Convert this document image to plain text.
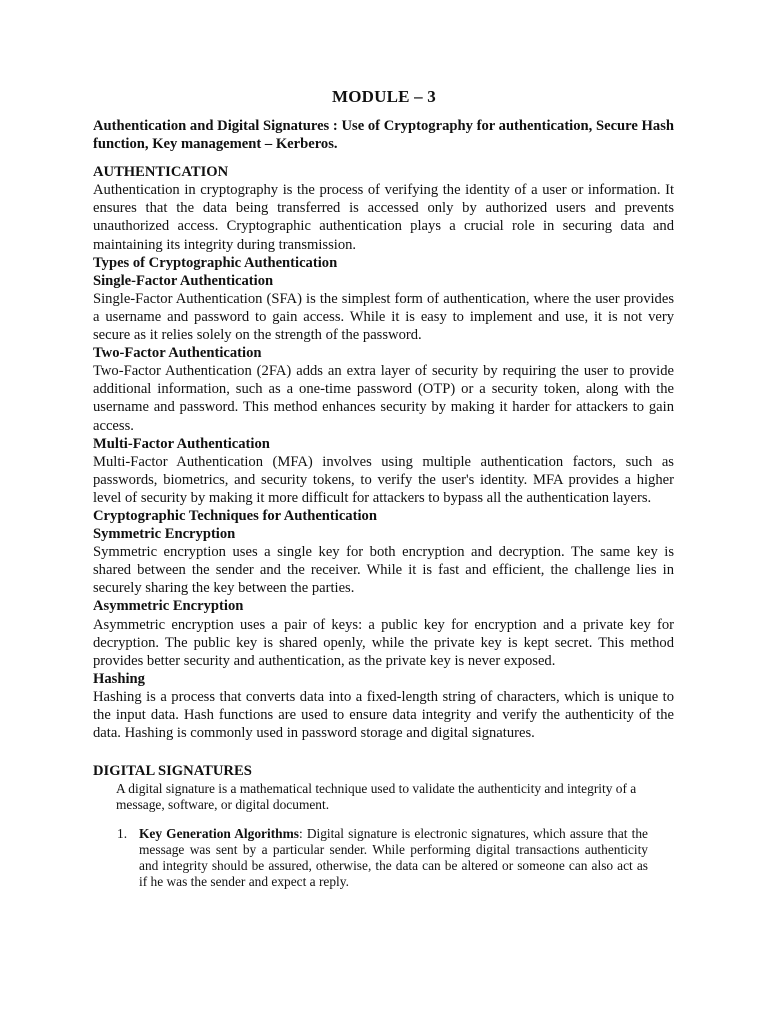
MODULE – 3

Authentication and Digital Signatures : Use of Cryptography for authentication, Secure Hash function, Key management – Kerberos.

AUTHENTICATION

Authentication in cryptography is the process of verifying the identity of a user or information. It ensures that the data being transferred is accessed only by authorized users and prevents unauthorized access. Cryptographic authentication plays a crucial role in securing data and maintaining its integrity during transmission.

Types of Cryptographic Authentication
Single-Factor Authentication

Single-Factor Authentication (SFA) is the simplest form of authentication, where the user provides a username and password to gain access. While it is easy to implement and use, it is not very secure as it relies solely on the strength of the password.

Two-Factor Authentication

Two-Factor Authentication (2FA) adds an extra layer of security by requiring the user to provide additional information, such as a one-time password (OTP) or a security token, along with the username and password. This method enhances security by making it harder for attackers to gain access.

Multi-Factor Authentication

Multi-Factor Authentication (MFA) involves using multiple authentication factors, such as passwords, biometrics, and security tokens, to verify the user's identity. MFA provides a higher level of security by making it more difficult for attackers to bypass all the authentication layers.

Cryptographic Techniques for Authentication
Symmetric Encryption

Symmetric encryption uses a single key for both encryption and decryption. The same key is shared between the sender and the receiver. While it is fast and efficient, the challenge lies in securely sharing the key between the parties.

Asymmetric Encryption

Asymmetric encryption uses a pair of keys: a public key for encryption and a private key for decryption. The public key is shared openly, while the private key is kept secret. This method provides better security and authentication, as the private key is never exposed.

Hashing

Hashing is a process that converts data into a fixed-length string of characters, which is unique to the input data. Hash functions are used to ensure data integrity and verify the authenticity of the data. Hashing is commonly used in password storage and digital signatures.

DIGITAL SIGNATURES

A digital signature is a mathematical technique used to validate the authenticity and integrity of a message, software, or digital document.

1. Key Generation Algorithms: Digital signature is electronic signatures, which assure that the message was sent by a particular sender. While performing digital transactions authenticity and integrity should be assured, otherwise, the data can be altered or someone can also act as if he was the sender and expect a reply.
